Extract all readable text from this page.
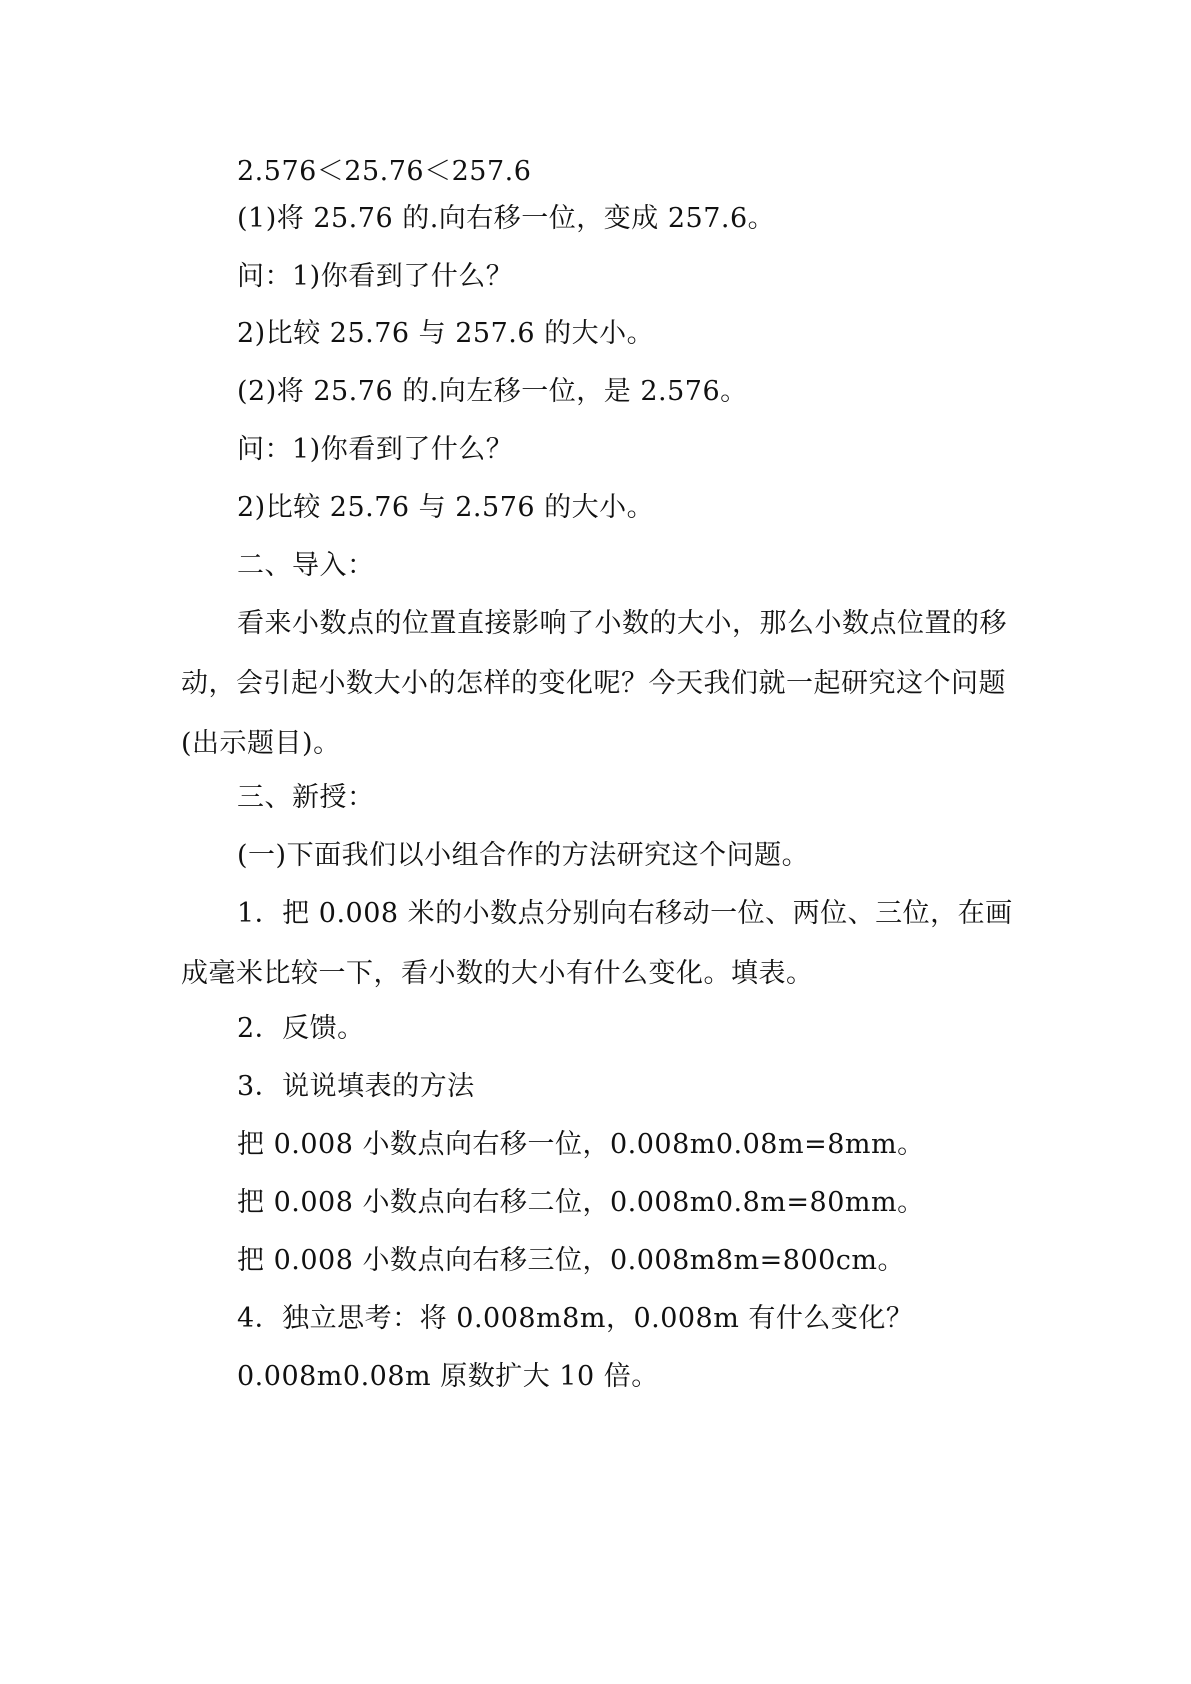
2.576＜25.76＜257.6
(1)将 25.76 的.向右移一位，变成 257.6。
问：1)你看到了什么？
2)比较 25.76 与 257.6 的大小。
(2)将 25.76 的.向左移一位，是 2.576。
问：1)你看到了什么？
2)比较 25.76 与 2.576 的大小。
二、导入：
看来小数点的位置直接影响了小数的大小，那么小数点位置的移动，会引起小数大小的怎样的变化呢？今天我们就一起研究这个问题(出示题目)。
三、新授：
(一)下面我们以小组合作的方法研究这个问题。
1．把 0.008 米的小数点分别向右移动一位、两位、三位，在画成毫米比较一下，看小数的大小有什么变化。填表。
2．反馈。
3．说说填表的方法
把 0.008 小数点向右移一位，0.008m0.08m=8mm。
把 0.008 小数点向右移二位，0.008m0.8m=80mm。
把 0.008 小数点向右移三位，0.008m8m=800cm。
4．独立思考：将 0.008m8m，0.008m 有什么变化？
0.008m0.08m 原数扩大 10 倍。
